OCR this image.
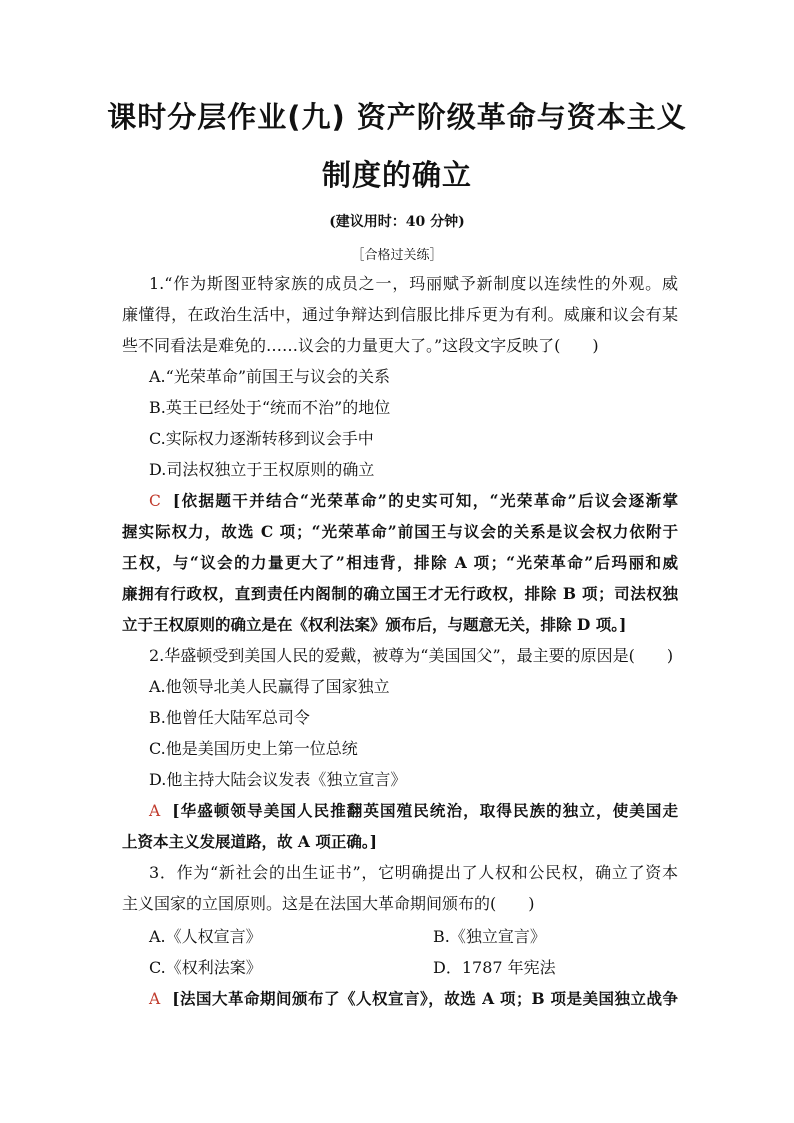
课时分层作业(九) 资产阶级革命与资本主义
制度的确立
(建议用时：40 分钟)
［合格过关练］
1.“作为斯图亚特家族的成员之一，玛丽赋予新制度以连续性的外观。威
廉懂得，在政治生活中，通过争辩达到信服比排斥更为有利。威廉和议会有某
些不同看法是难免的……议会的力量更大了。”这段文字反映了(　　)
A.“光荣革命”前国王与议会的关系
B.英王已经处于“统而不治”的地位
C.实际权力逐渐转移到议会手中
D.司法权独立于王权原则的确立
C [依据题干并结合“光荣革命”的史实可知，“光荣革命”后议会逐渐掌
握实际权力，故选 C 项；“光荣革命”前国王与议会的关系是议会权力依附于
王权，与“议会的力量更大了”相违背，排除 A 项；“光荣革命”后玛丽和威
廉拥有行政权，直到责任内阁制的确立国王才无行政权，排除 B 项；司法权独
立于王权原则的确立是在《权利法案》颁布后，与题意无关，排除 D 项。]
2.华盛顿受到美国人民的爱戴，被尊为“美国国父”，最主要的原因是(　　)
A.他领导北美人民赢得了国家独立
B.他曾任大陆军总司令
C.他是美国历史上第一位总统
D.他主持大陆会议发表《独立宣言》
A [华盛顿领导美国人民推翻英国殖民统治，取得民族的独立，使美国走
上资本主义发展道路，故 A 项正确。]
3．作为“新社会的出生证书”，它明确提出了人权和公民权，确立了资本
主义国家的立国原则。这是在法国大革命期间颁布的(　　)
A.《人权宣言》	B.《独立宣言》
C.《权利法案》	D．1787 年宪法
A [法国大革命期间颁布了《人权宣言》，故选 A 项；B 项是美国独立战争
